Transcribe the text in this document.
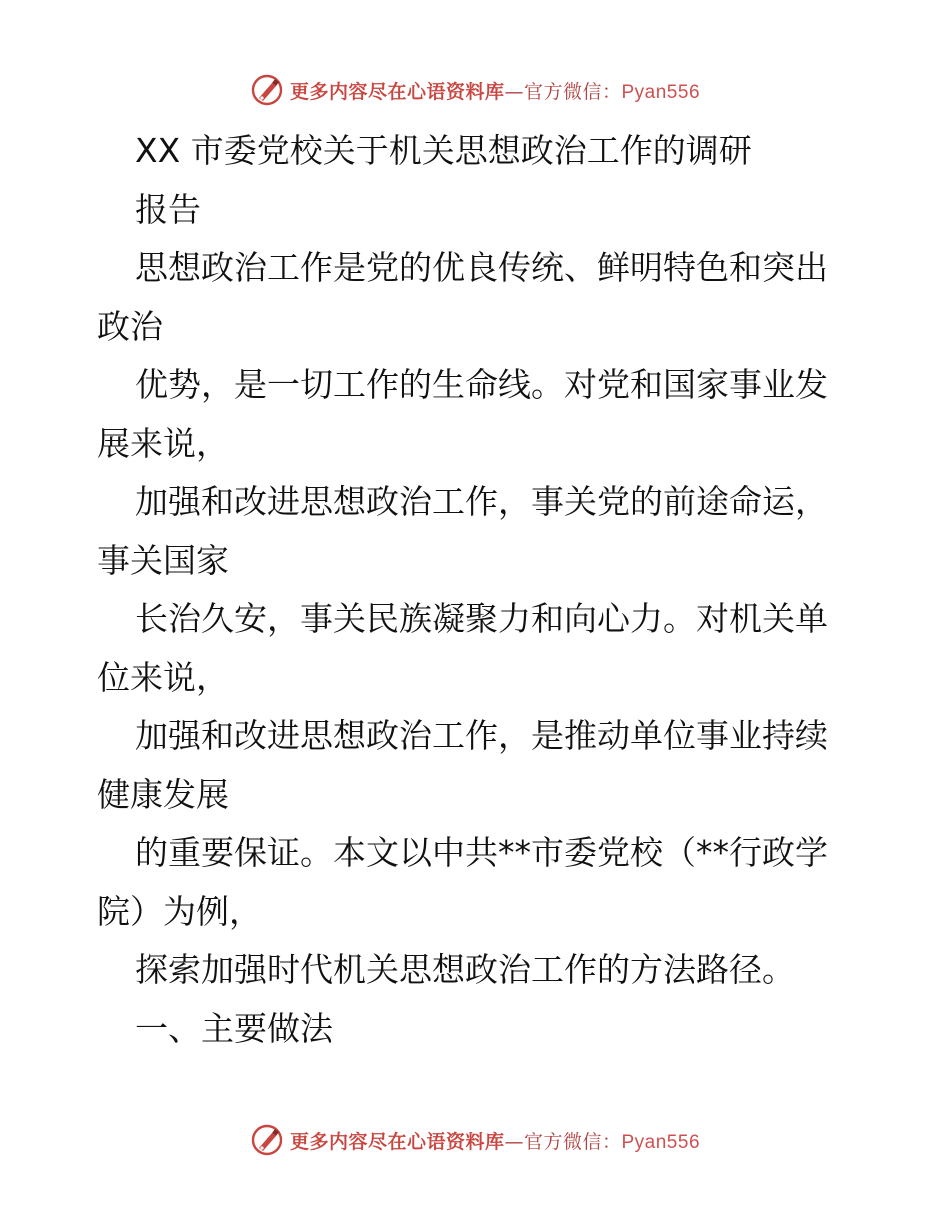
更多内容尽在心语资料库—官方微信：Pyan556
XX 市委党校关于机关思想政治工作的调研
报告
思想政治工作是党的优良传统、鲜明特色和突出
政治
优势，是一切工作的生命线。对党和国家事业发
展来说，
加强和改进思想政治工作，事关党的前途命运，
事关国家
长治久安，事关民族凝聚力和向心力。对机关单
位来说，
加强和改进思想政治工作，是推动单位事业持续
健康发展
的重要保证。本文以中共**市委党校（**行政学
院）为例，
探索加强时代机关思想政治工作的方法路径。
一、主要做法
更多内容尽在心语资料库—官方微信：Pyan556
